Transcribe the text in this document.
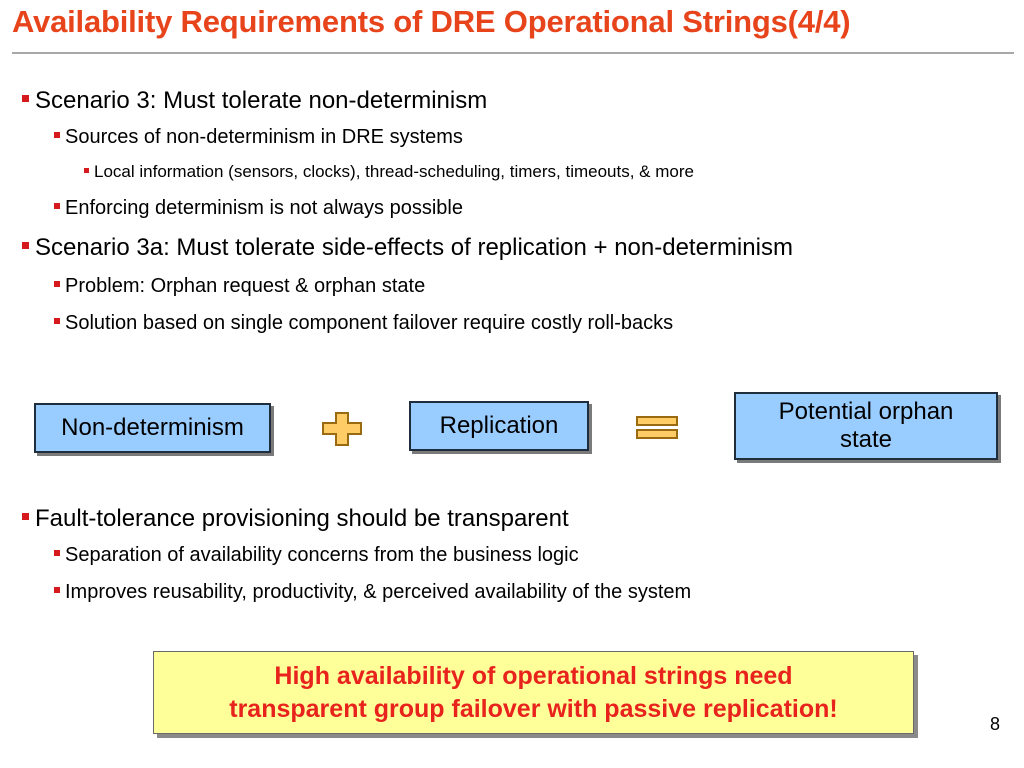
Availability Requirements of DRE Operational Strings(4/4)
Scenario 3: Must tolerate non-determinism
Sources of non-determinism in DRE systems
Local information (sensors, clocks), thread-scheduling, timers, timeouts, & more
Enforcing determinism is not always possible
Scenario 3a: Must tolerate side-effects of replication + non-determinism
Problem: Orphan request & orphan state
Solution based on single component failover require costly roll-backs
Fault-tolerance provisioning should be transparent
Separation of availability concerns from the business logic
Improves reusability, productivity, & perceived availability of the system
Non-determinism	Replication
Potential orphan
state
High availability of operational strings need
transparent group failover with passive replication!
8
